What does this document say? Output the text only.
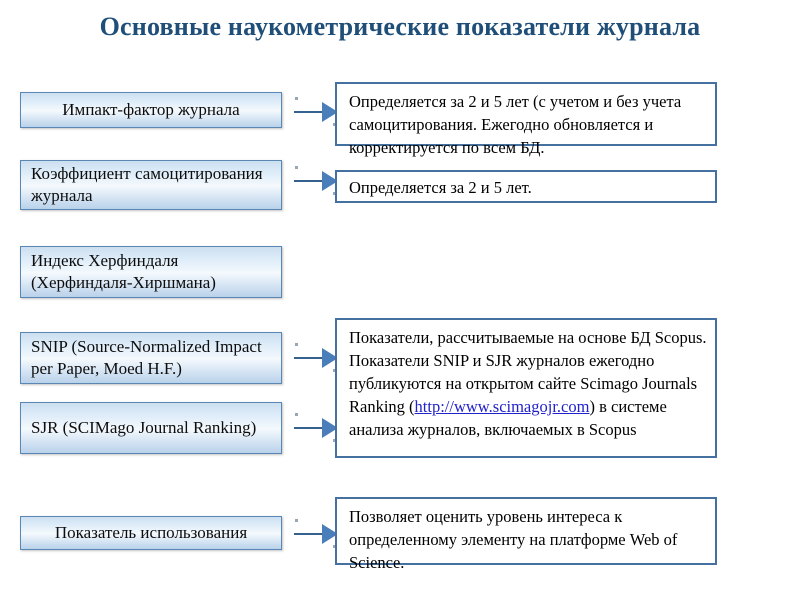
Основные наукометрические показатели журнала
Импакт-фактор журнала	Определяется за 2 и 5 лет (с учетом и без учета самоцитирования. Ежегодно обновляется и корректируется по всем БД.
Коэффициент самоцитирования журнала	Определяется за 2 и 5 лет.
Индекс Херфиндаля (Херфиндаля-Хиршмана)
SNIP (Source-Normalized Impact per Paper, Moed H.F.)
SJR (SCIMago Journal Ranking)
Показатели, рассчитываемые на основе БД Scopus. Показатели SNIP и SJR журналов ежегодно публикуются на открытом сайте Scimago Journals Ranking (http://www.scimagojr.com) в системе анализа журналов, включаемых в Scopus
Показатель использования
Позволяет оценить уровень интереса к определенному элементу на платформе Web of Science.
